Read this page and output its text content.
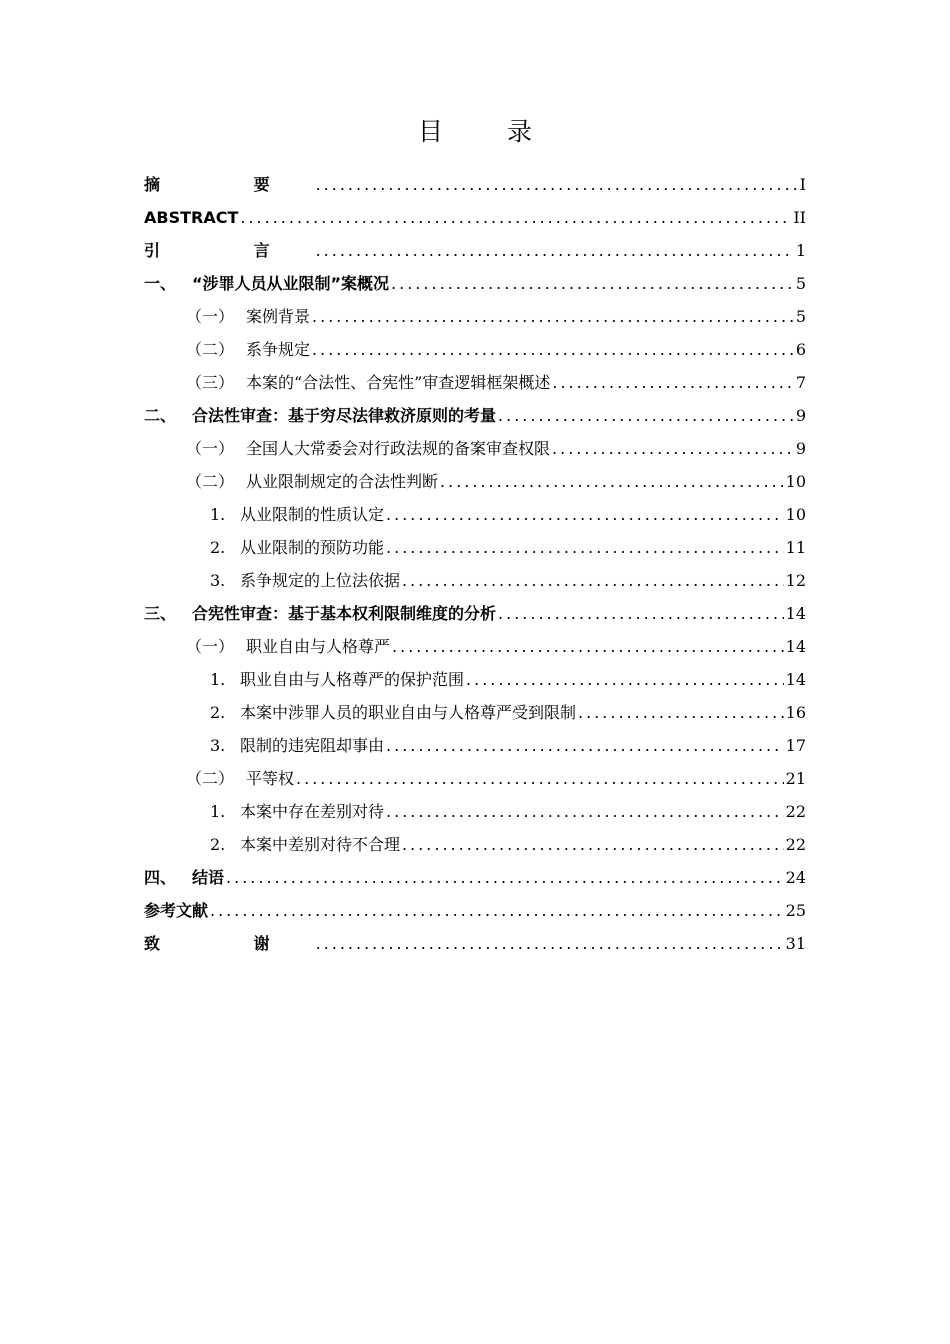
目 录
摘 要 .....	I
ABSTRACT .....	II
引 言 .....	1
一、 “涉罪人员从业限制”案概况 .....	5
（一） 案例背景 .....	5
（二） 系争规定 .....	6
（三） 本案的“合法性、合宪性”审查逻辑框架概述 .....	7
二、 合法性审查：基于穷尽法律救济原则的考量 .....	9
（一） 全国人大常委会对行政法规的备案审查权限 .....	9
（二） 从业限制规定的合法性判断 .....	10
1. 从业限制的性质认定 .....	10
2. 从业限制的预防功能 .....	11
3. 系争规定的上位法依据 .....	12
三、 合宪性审查：基于基本权利限制维度的分析 .....	14
（一） 职业自由与人格尊严 .....	14
1. 职业自由与人格尊严的保护范围 .....	14
2. 本案中涉罪人员的职业自由与人格尊严受到限制 .....	16
3. 限制的违宪阻却事由 .....	17
（二） 平等权 .....	21
1. 本案中存在差别对待 .....	22
2. 本案中差别对待不合理 .....	22
四、 结语 .....	24
参考文献 .....	25
致 谢 .....	31
